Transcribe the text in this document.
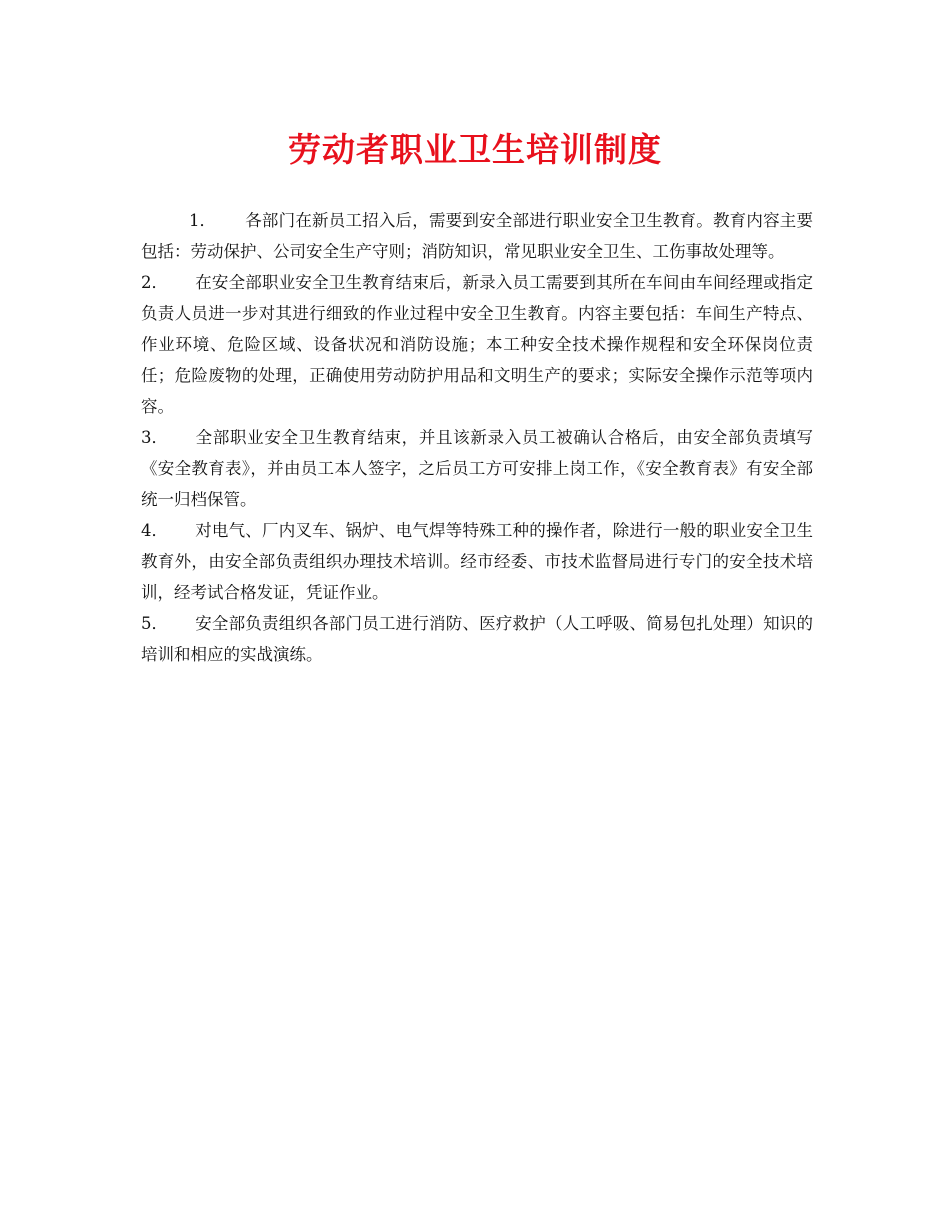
劳动者职业卫生培训制度

1． 各部门在新员工招入后，需要到安全部进行职业安全卫生教育。教育内容主要包括：劳动保护、公司安全生产守则；消防知识，常见职业安全卫生、工伤事故处理等。

2． 在安全部职业安全卫生教育结束后，新录入员工需要到其所在车间由车间经理或指定负责人员进一步对其进行细致的作业过程中安全卫生教育。内容主要包括：车间生产特点、作业环境、危险区域、设备状况和消防设施；本工种安全技术操作规程和安全环保岗位责任；危险废物的处理，正确使用劳动防护用品和文明生产的要求；实际安全操作示范等项内容。

3． 全部职业安全卫生教育结束，并且该新录入员工被确认合格后，由安全部负责填写《安全教育表》，并由员工本人签字，之后员工方可安排上岗工作，《安全教育表》有安全部统一归档保管。

4． 对电气、厂内叉车、锅炉、电气焊等特殊工种的操作者，除进行一般的职业安全卫生教育外，由安全部负责组织办理技术培训。经市经委、市技术监督局进行专门的安全技术培训，经考试合格发证，凭证作业。

5． 安全部负责组织各部门员工进行消防、医疗救护（人工呼吸、简易包扎处理）知识的培训和相应的实战演练。
